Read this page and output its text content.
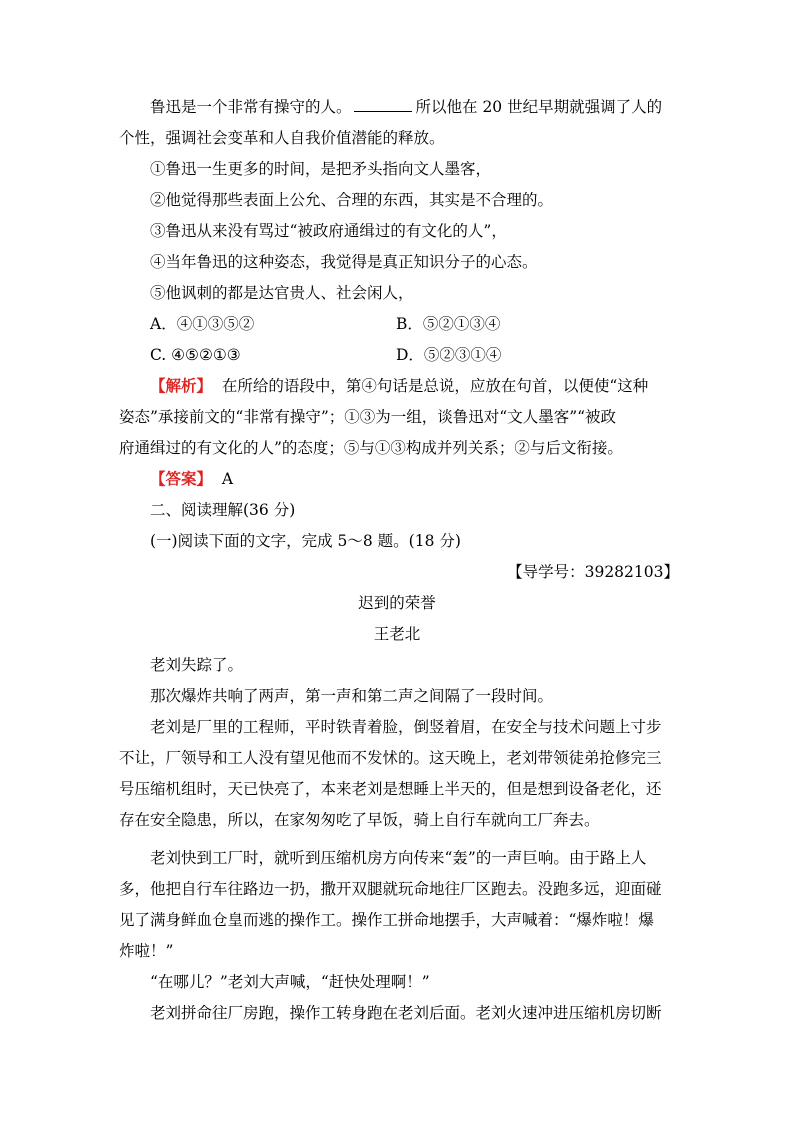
鲁迅是一个非常有操守的人。	所以他在 20 世纪早期就强调了人的
个性，强调社会变革和人自我价值潜能的释放。
①鲁迅一生更多的时间，是把矛头指向文人墨客，
②他觉得那些表面上公允、合理的东西，其实是不合理的。
③鲁迅从来没有骂过“被政府通缉过的有文化的人”，
④当年鲁迅的这种姿态，我觉得是真正知识分子的心态。
⑤他讽刺的都是达官贵人、社会闲人，
A．④①③⑤②	B．⑤②①③④
C. ④⑤②①③	D．⑤②③①④
【解析】 在所给的语段中，第④句话是总说，应放在句首，以便使“这种
姿态”承接前文的“非常有操守”；①③为一组，谈鲁迅对“文人墨客”“被政
府通缉过的有文化的人”的态度；⑤与①③构成并列关系；②与后文衔接。
【答案】 A
二、阅读理解(36 分)
(一)阅读下面的文字，完成 5～8 题。(18 分)
【导学号：39282103】
迟到的荣誉
王老北
老刘失踪了。
那次爆炸共响了两声，第一声和第二声之间隔了一段时间。
老刘是厂里的工程师，平时铁青着脸，倒竖着眉，在安全与技术问题上寸步
不让，厂领导和工人没有望见他而不发怵的。这天晚上，老刘带领徒弟抢修完三
号压缩机组时，天已快亮了，本来老刘是想睡上半天的，但是想到设备老化，还
存在安全隐患，所以，在家匆匆吃了早饭，骑上自行车就向工厂奔去。
老刘快到工厂时，就听到压缩机房方向传来“轰”的一声巨响。由于路上人
多，他把自行车往路边一扔，撒开双腿就玩命地往厂区跑去。没跑多远，迎面碰
见了满身鲜血仓皇而逃的操作工。操作工拼命地摆手，大声喊着：“爆炸啦！爆
炸啦！”
“在哪儿？”老刘大声喊，“赶快处理啊！”
老刘拼命往厂房跑，操作工转身跑在老刘后面。老刘火速冲进压缩机房切断
